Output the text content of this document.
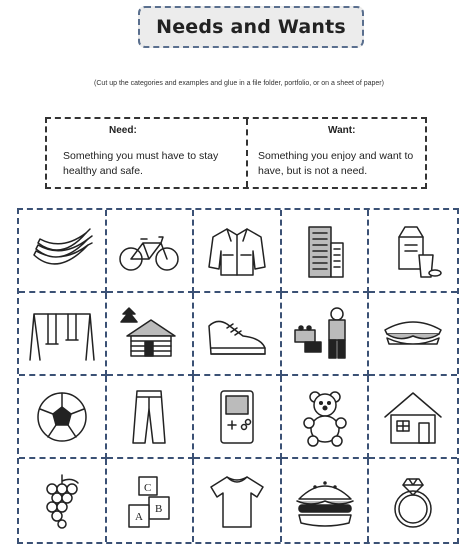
Needs and Wants
(Cut up the categories and examples and glue in a file folder, portfolio, or on a sheet of paper)
Need:
Something you must have to stay healthy and safe.
Want:
Something you enjoy and want to have, but is not a need.
C
B
A
